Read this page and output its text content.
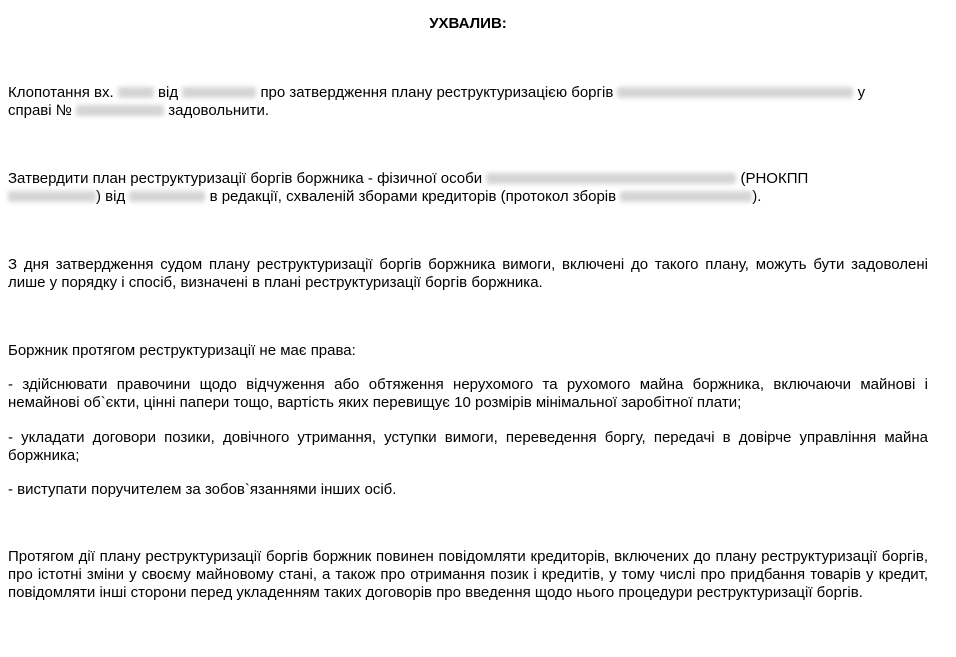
УХВАЛИВ:
Клопотання вх.	від	про затвердження плану реструктуризацією боргів	у
справі №	задовольнити.
Затвердити план реструктуризації боргів боржника - фізичної особи	(РНОКПП
) від	в редакції, схваленій зборами кредиторів (протокол зборів	).
З дня затвердження судом плану реструктуризації боргів боржника вимоги, включені до такого плану, можуть бути задоволені лише у порядку і спосіб, визначені в плані реструктуризації боргів боржника.
Боржник протягом реструктуризації не має права:
- здійснювати правочини щодо відчуження або обтяження нерухомого та рухомого майна боржника, включаючи майнові і немайнові об`єкти, цінні папери тощо, вартість яких перевищує 10 розмірів мінімальної заробітної плати;
- укладати договори позики, довічного утримання, уступки вимоги, переведення боргу, передачі в довірче управління майна боржника;
- виступати поручителем за зобов`язаннями інших осіб.
Протягом дії плану реструктуризації боргів боржник повинен повідомляти кредиторів, включених до плану реструктуризації боргів, про істотні зміни у своєму майновому стані, а також про отримання позик і кредитів, у тому числі про придбання товарів у кредит, повідомляти інші сторони перед укладенням таких договорів про введення щодо нього процедури реструктуризації боргів.
